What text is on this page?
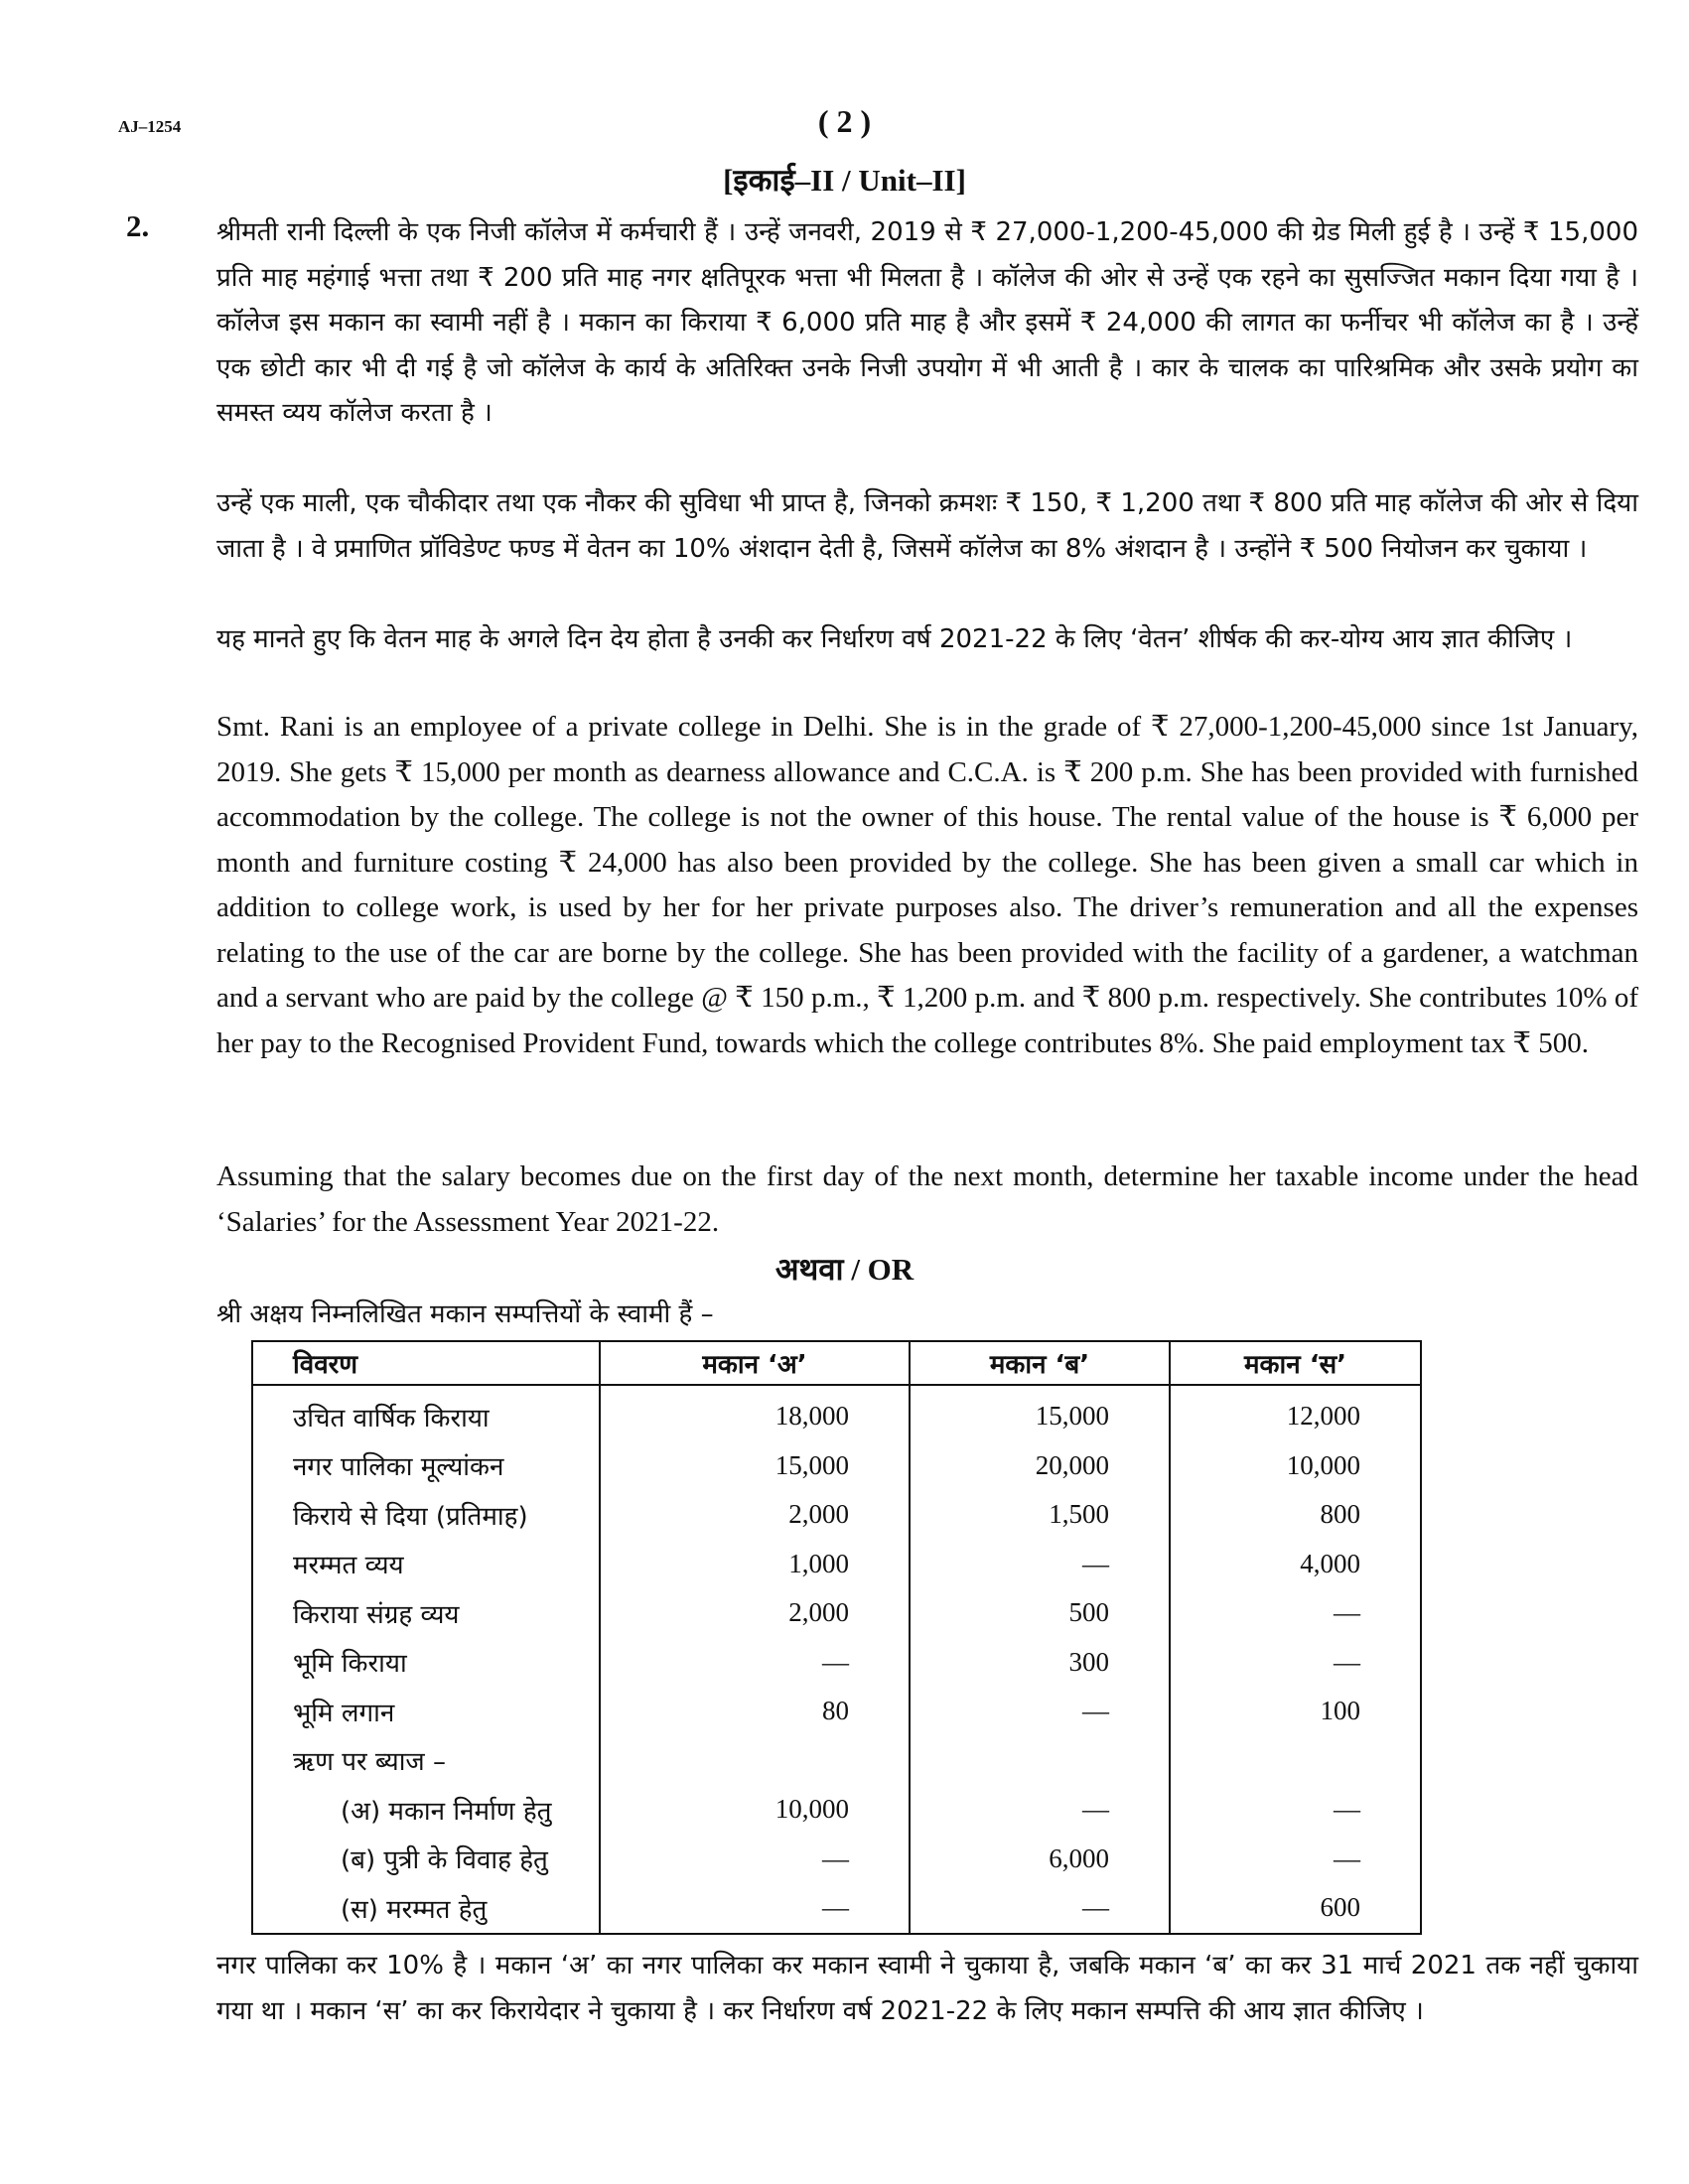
AJ–1254	( 2 )
[इकाई–II / Unit–II]
2.	श्रीमती रानी दिल्ली के एक निजी कॉलेज में कर्मचारी हैं । उन्हें जनवरी, 2019 से ₹ 27,000-1,200-45,000 की ग्रेड मिली हुई है । उन्हें ₹ 15,000 प्रति माह महंगाई भत्ता तथा ₹ 200 प्रति माह नगर क्षतिपूरक भत्ता भी मिलता है । कॉलेज की ओर से उन्हें एक रहने का सुसज्जित मकान दिया गया है । कॉलेज इस मकान का स्वामी नहीं है । मकान का किराया ₹ 6,000 प्रति माह है और इसमें ₹ 24,000 की लागत का फर्नीचर भी कॉलेज का है । उन्हें एक छोटी कार भी दी गई है जो कॉलेज के कार्य के अतिरिक्त उनके निजी उपयोग में भी आती है । कार के चालक का पारिश्रमिक और उसके प्रयोग का समस्त व्यय कॉलेज करता है ।

उन्हें एक माली, एक चौकीदार तथा एक नौकर की सुविधा भी प्राप्त है, जिनको क्रमशः ₹ 150, ₹ 1,200 तथा ₹ 800 प्रति माह कॉलेज की ओर से दिया जाता है । वे प्रमाणित प्रॉविडेण्ट फण्ड में वेतन का 10% अंशदान देती है, जिसमें कॉलेज का 8% अंशदान है । उन्होंने ₹ 500 नियोजन कर चुकाया ।

यह मानते हुए कि वेतन माह के अगले दिन देय होता है उनकी कर निर्धारण वर्ष 2021-22 के लिए ‘वेतन’ शीर्षक की कर-योग्य आय ज्ञात कीजिए ।

Smt. Rani is an employee of a private college in Delhi. She is in the grade of ₹ 27,000-1,200-45,000 since 1st January, 2019. She gets ₹ 15,000 per month as dearness allowance and C.C.A. is ₹ 200 p.m. She has been provided with furnished accommodation by the college. The college is not the owner of this house. The rental value of the house is ₹ 6,000 per month and furniture costing ₹ 24,000 has also been provided by the college. She has been given a small car which in addition to college work, is used by her for her private purposes also. The driver’s remuneration and all the expenses relating to the use of the car are borne by the college. She has been provided with the facility of a gardener, a watchman and a servant who are paid by the college @ ₹ 150 p.m., ₹ 1,200 p.m. and ₹ 800 p.m. respectively. She contributes 10% of her pay to the Recognised Provident Fund, towards which the college contributes 8%. She paid employment tax ₹ 500.

Assuming that the salary becomes due on the first day of the next month, determine her taxable income under the head ‘Salaries’ for the Assessment Year 2021-22.

अथवा / OR

श्री अक्षय निम्नलिखित मकान सम्पत्तियों के स्वामी हैं –

विवरण	मकान ‘अ’	मकान ‘ब’	मकान ‘स’
उचित वार्षिक किराया	18,000	15,000	12,000
नगर पालिका मूल्यांकन	15,000	20,000	10,000
किराये से दिया (प्रतिमाह)	2,000	1,500	800
मरम्मत व्यय	1,000	—	4,000
किराया संग्रह व्यय	2,000	500	—
भूमि किराया	—	300	—
भूमि लगान	80	—	100
ऋण पर ब्याज –			
(अ) मकान निर्माण हेतु	10,000	—	—
(ब) पुत्री के विवाह हेतु	—	6,000	—
(स) मरम्मत हेतु	—	—	600

नगर पालिका कर 10% है । मकान ‘अ’ का नगर पालिका कर मकान स्वामी ने चुकाया है, जबकि मकान ‘ब’ का कर 31 मार्च 2021 तक नहीं चुकाया गया था । मकान ‘स’ का कर किरायेदार ने चुकाया है । कर निर्धारण वर्ष 2021-22 के लिए मकान सम्पत्ति की आय ज्ञात कीजिए ।
